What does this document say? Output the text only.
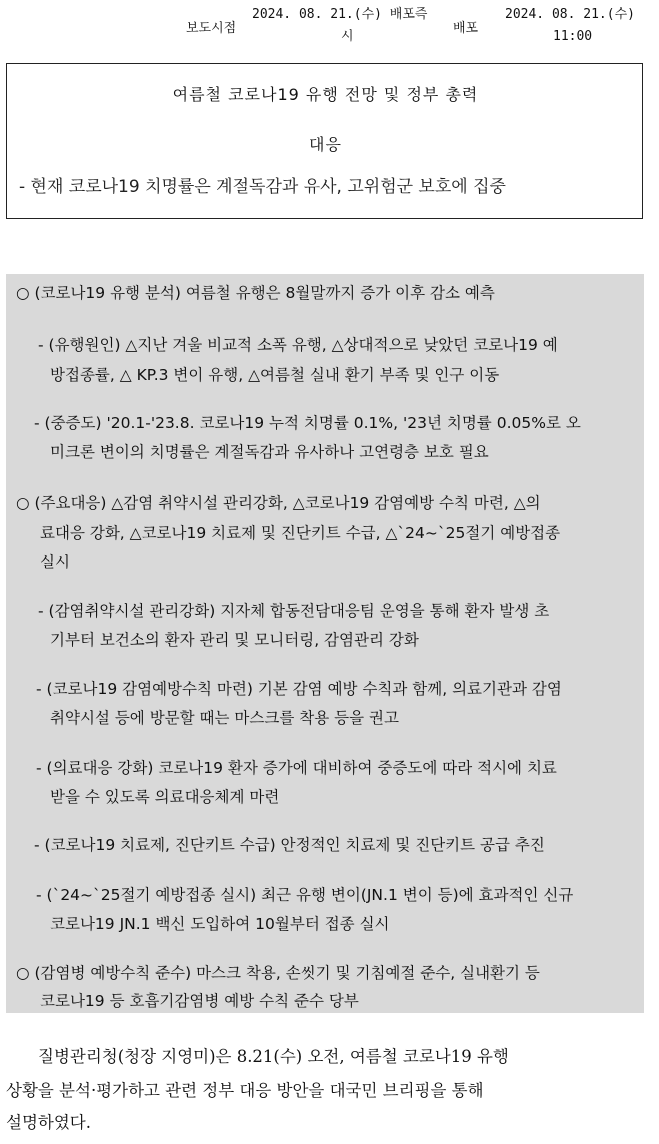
보도시점
2024. 08. 21.(수) 배포즉
시
배포
2024. 08. 21.(수)
11:00
여름철 코로나19 유행 전망 및 정부 총력
대응
- 현재 코로나19 치명률은 계절독감과 유사, 고위험군 보호에 집중
○ (코로나19 유행 분석) 여름철 유행은 8월말까지 증가 이후 감소 예측
- (유행원인) △지난 겨울 비교적 소폭 유행, △상대적으로 낮았던 코로나19 예
방접종률, △ KP.3 변이 유행, △여름철 실내 환기 부족 및 인구 이동
- (중증도) '20.1-'23.8. 코로나19 누적 치명률 0.1%, '23년 치명률 0.05%로 오
미크론 변이의 치명률은 계절독감과 유사하나 고연령층 보호 필요
○ (주요대응) △감염 취약시설 관리강화, △코로나19 감염예방 수칙 마련, △의
료대응 강화, △코로나19 치료제 및 진단키트 수급, △`24~`25절기 예방접종
실시
- (감염취약시설 관리강화) 지자체 합동전담대응팀 운영을 통해 환자 발생 초
기부터 보건소의 환자 관리 및 모니터링, 감염관리 강화
- (코로나19 감염예방수칙 마련) 기본 감염 예방 수칙과 함께, 의료기관과 감염
취약시설 등에 방문할 때는 마스크를 착용 등을 권고
- (의료대응 강화) 코로나19 환자 증가에 대비하여 중증도에 따라 적시에 치료
받을 수 있도록 의료대응체계 마련
- (코로나19 치료제, 진단키트 수급) 안정적인 치료제 및 진단키트 공급 추진
- (`24~`25절기 예방접종 실시) 최근 유행 변이(JN.1 변이 등)에 효과적인 신규
코로나19 JN.1 백신 도입하여 10월부터 접종 실시
○ (감염병 예방수칙 준수) 마스크 착용, 손씻기 및 기침예절 준수, 실내환기 등
코로나19 등 호흡기감염병 예방 수칙 준수 당부
질병관리청(청장 지영미)은 8.21(수) 오전, 여름철 코로나19 유행
상황을 분석·평가하고 관련 정부 대응 방안을 대국민 브리핑을 통해
설명하였다.
